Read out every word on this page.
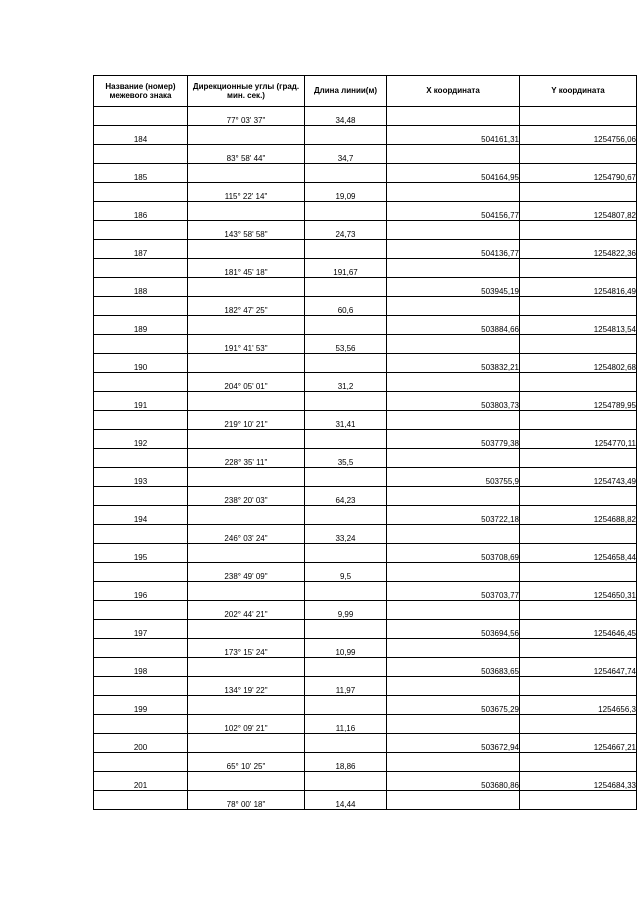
Название (номер) межевого знака	Дирекционные углы (град. мин. сек.)	Длина линии(м)	X координата	Y координата
	77° 03' 37"	34,48		
184			504161,31	1254756,06
	83° 58' 44"	34,7		
185			504164,95	1254790,67
	115° 22' 14"	19,09		
186			504156,77	1254807,82
	143° 58' 58"	24,73		
187			504136,77	1254822,36
	181° 45' 18"	191,67		
188			503945,19	1254816,49
	182° 47' 25"	60,6		
189			503884,66	1254813,54
	191° 41' 53"	53,56		
190			503832,21	1254802,68
	204° 05' 01"	31,2		
191			503803,73	1254789,95
	219° 10' 21"	31,41		
192			503779,38	1254770,11
	228° 35' 11"	35,5		
193			503755,9	1254743,49
	238° 20' 03"	64,23		
194			503722,18	1254688,82
	246° 03' 24"	33,24		
195			503708,69	1254658,44
	238° 49' 09"	9,5		
196			503703,77	1254650,31
	202° 44' 21"	9,99		
197			503694,56	1254646,45
	173° 15' 24"	10,99		
198			503683,65	1254647,74
	134° 19' 22"	11,97		
199			503675,29	1254656,3
	102° 09' 21"	11,16		
200			503672,94	1254667,21
	65° 10' 25"	18,86		
201			503680,86	1254684,33
	78° 00' 18"	14,44		
